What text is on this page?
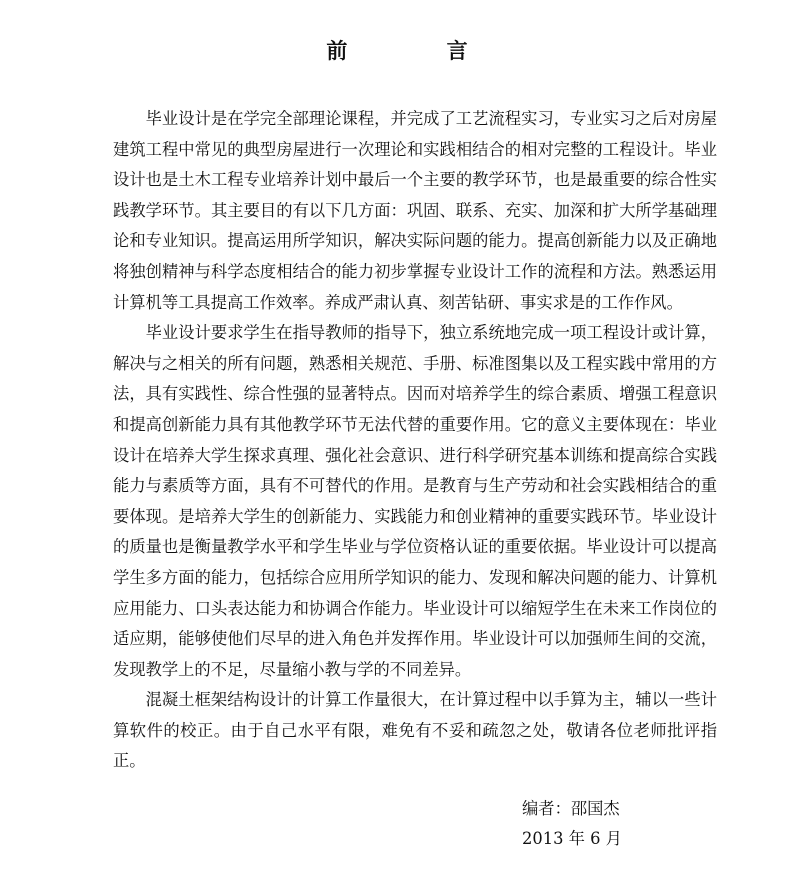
前 言

毕业设计是在学完全部理论课程，并完成了工艺流程实习，专业实习之后对房屋建筑工程中常见的典型房屋进行一次理论和实践相结合的相对完整的工程设计。毕业设计也是土木工程专业培养计划中最后一个主要的教学环节，也是最重要的综合性实践教学环节。其主要目的有以下几方面：巩固、联系、充实、加深和扩大所学基础理论和专业知识。提高运用所学知识，解决实际问题的能力。提高创新能力以及正确地将独创精神与科学态度相结合的能力初步掌握专业设计工作的流程和方法。熟悉运用计算机等工具提高工作效率。养成严肃认真、刻苦钻研、事实求是的工作作风。

毕业设计要求学生在指导教师的指导下，独立系统地完成一项工程设计或计算，解决与之相关的所有问题，熟悉相关规范、手册、标准图集以及工程实践中常用的方法，具有实践性、综合性强的显著特点。因而对培养学生的综合素质、增强工程意识和提高创新能力具有其他教学环节无法代替的重要作用。它的意义主要体现在：毕业设计在培养大学生探求真理、强化社会意识、进行科学研究基本训练和提高综合实践能力与素质等方面，具有不可替代的作用。是教育与生产劳动和社会实践相结合的重要体现。是培养大学生的创新能力、实践能力和创业精神的重要实践环节。毕业设计的质量也是衡量教学水平和学生毕业与学位资格认证的重要依据。毕业设计可以提高学生多方面的能力，包括综合应用所学知识的能力、发现和解决问题的能力、计算机应用能力、口头表达能力和协调合作能力。毕业设计可以缩短学生在未来工作岗位的适应期，能够使他们尽早的进入角色并发挥作用。毕业设计可以加强师生间的交流，发现教学上的不足，尽量缩小教与学的不同差异。

混凝土框架结构设计的计算工作量很大，在计算过程中以手算为主，辅以一些计算软件的校正。由于自己水平有限，难免有不妥和疏忽之处，敬请各位老师批评指正。

编者：邵国杰
2013 年 6 月
